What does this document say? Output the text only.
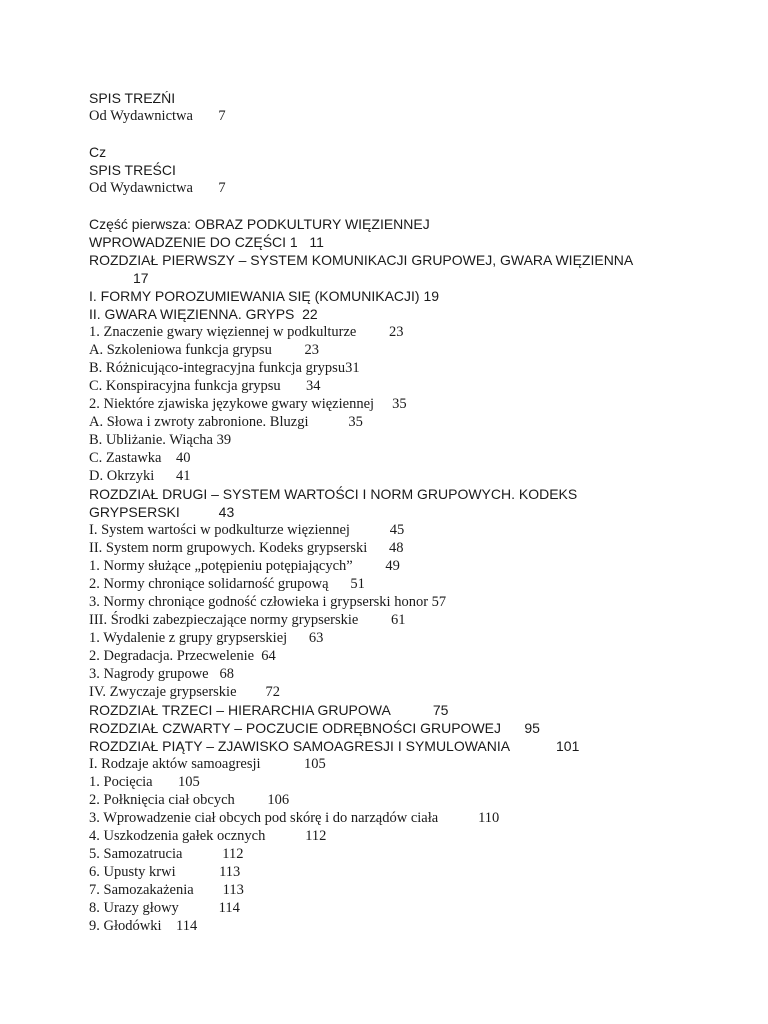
SPIS TREZŃI
Od Wydawnictwa       7
Cz
SPIS TREŚCI
Od Wydawnictwa       7
Część pierwsza: OBRAZ PODKULTURY WIĘZIENNEJ
WPROWADZENIE DO CZĘŚCI 1   11
ROZDZIAŁ PIERWSZY – SYSTEM KOMUNIKACJI GRUPOWEJ, GWARA WIĘZIENNA
17
I. FORMY POROZUMIEWANIA SIĘ (KOMUNIKACJI) 19
II. GWARA WIĘZIENNA. GRYPS  22
1. Znaczenie gwary więziennej w podkulturze         23
A. Szkoleniowa funkcja grypsu         23
B. Różnicująco-integracyjna funkcja grypsu31
C. Konspiracyjna funkcja grypsu       34
2. Niektóre zjawiska językowe gwary więziennej     35
A. Słowa i zwroty zabronione. Bluzgi           35
B. Ubliżanie. Wiącha 39
C. Zastawka    40
D. Okrzyki      41
ROZDZIAŁ DRUGI – SYSTEM WARTOŚCI I NORM GRUPOWYCH. KODEKS
GRYPSERSKI          43
I. System wartości w podkulturze więziennej           45
II. System norm grupowych. Kodeks grypserski      48
1. Normy służące „potępieniu potępiających”         49
2. Normy chroniące solidarność grupową      51
3. Normy chroniące godność człowieka i grypserski honor 57
III. Środki zabezpieczające normy grypserskie         61
1. Wydalenie z grupy grypserskiej      63
2. Degradacja. Przecwelenie  64
3. Nagrody grupowe   68
IV. Zwyczaje grypserskie        72
ROZDZIAŁ TRZECI – HIERARCHIA GRUPOWA           75
ROZDZIAŁ CZWARTY – POCZUCIE ODRĘBNOŚCI GRUPOWEJ      95
ROZDZIAŁ PIĄTY – ZJAWISKO SAMOAGRESJI I SYMULOWANIA            101
I. Rodzaje aktów samoagresji            105
1. Pocięcia       105
2. Połknięcia ciał obcych         106
3. Wprowadzenie ciał obcych pod skórę i do narządów ciała           110
4. Uszkodzenia gałek ocznych           112
5. Samozatrucia           112
6. Upusty krwi            113
7. Samozakażenia        113
8. Urazy głowy           114
9. Głodówki    114
